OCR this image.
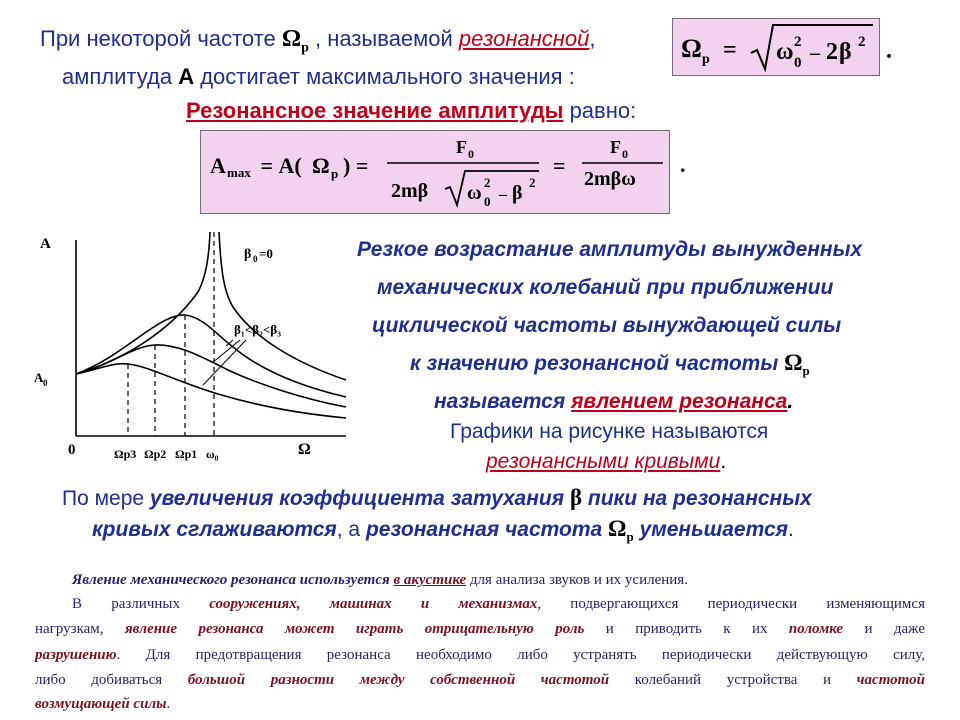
При некоторой частоте $\Omega_р$ , называемой резонансной,
амплитуда А достигает максимального значения :
Резонансное значение амплитуды равно:
Ω р = ω 2
0 – 2 β 2 .
А max = А( Ω р ) =
F 0
2mβ ω 2
0 – β 2
=
F 0
2mβω
.
А
А 0
0	Ω
β 0 =0
β₁<β₂<β₃
Ωр3 Ωр2 Ωр1 ω₀
Резкое возрастание амплитуды вынужденных
механических колебаний при приближении
циклической частоты вынуждающей силы
к значению резонансной частоты $\Omega_р$
называется явлением резонанса.
Графики на рисунке называются
резонансными кривыми.
По мере увеличения коэффициента затухания β пики на резонансных
кривых сглаживаются, а резонансная частота $\Omega_р$ уменьшается.
Явление механического резонанса используется в акустике для анализа звуков и их усиления.
В различных сооружениях, машинах и механизмах, подвергающихся периодически изменяющимся
нагрузкам, явление резонанса может играть отрицательную роль и приводить к их поломке и даже
разрушению. Для предотвращения резонанса необходимо либо устранять периодически действующую силу,
либо добиваться большой разности между собственной частотой колебаний устройства и частотой
возмущающей силы.
